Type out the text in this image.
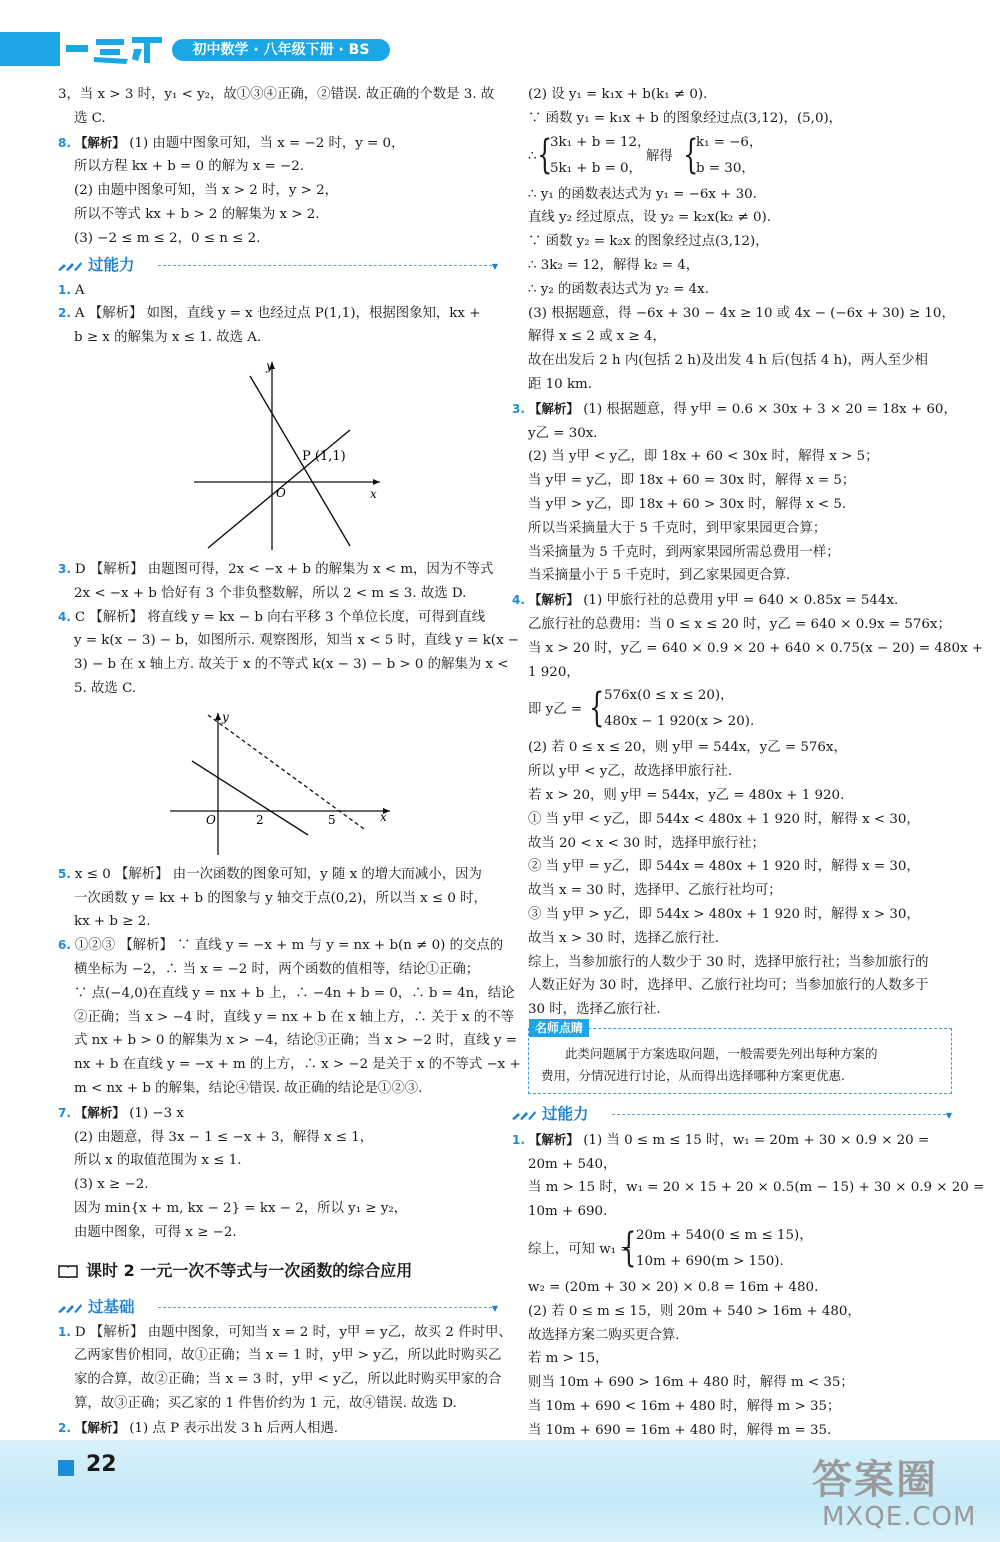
初中数学 · 八年级下册 · BS
3，当 x > 3 时，y₁ < y₂，故①③④正确，②错误. 故正确的个数是 3. 故
选 C.
8. 【解析】 (1) 由题中图象可知，当 x = −2 时，y = 0，
所以方程 kx + b = 0 的解为 x = −2.
(2) 由题中图象可知，当 x > 2 时，y > 2，
所以不等式 kx + b > 2 的解集为 x > 2.
(3) −2 ≤ m ≤ 2，0 ≤ n ≤ 2.
过能力	▼
1. A
2. A 【解析】 如图，直线 y = x 也经过点 P(1,1)，根据图象知，kx +
b ≥ x 的解集为 x ≤ 1. 故选 A.
y
x
O
P (1,1)
3. D 【解析】 由题图可得，2x < −x + b 的解集为 x < m，因为不等式
2x < −x + b 恰好有 3 个非负整数解，所以 2 < m ≤ 3. 故选 D.
4. C 【解析】 将直线 y = kx − b 向右平移 3 个单位长度，可得到直线
y = k(x − 3) − b，如图所示. 观察图形，知当 x < 5 时，直线 y = k(x −
3) − b 在 x 轴上方. 故关于 x 的不等式 k(x − 3) − b > 0 的解集为 x <
5. 故选 C.
y
x
O	2	5
5. x ≤ 0 【解析】 由一次函数的图象可知，y 随 x 的增大而减小，因为
一次函数 y = kx + b 的图象与 y 轴交于点(0,2)，所以当 x ≤ 0 时，
kx + b ≥ 2.
6. ①②③ 【解析】 ∵ 直线 y = −x + m 与 y = nx + b(n ≠ 0) 的交点的
横坐标为 −2，∴ 当 x = −2 时，两个函数的值相等，结论①正确；
∵ 点(−4,0)在直线 y = nx + b 上，∴ −4n + b = 0，∴ b = 4n，结论
②正确；当 x > −4 时，直线 y = nx + b 在 x 轴上方，∴ 关于 x 的不等
式 nx + b > 0 的解集为 x > −4，结论③正确；当 x > −2 时，直线 y =
nx + b 在直线 y = −x + m 的上方，∴ x > −2 是关于 x 的不等式 −x +
m < nx + b 的解集，结论④错误. 故正确的结论是①②③.
7. 【解析】 (1) −3 x
(2) 由题意，得 3x − 1 ≤ −x + 3，解得 x ≤ 1，
所以 x 的取值范围为 x ≤ 1.
(3) x ≥ −2.
因为 min{x + m, kx − 2} = kx − 2，所以 y₁ ≥ y₂，
由题中图象，可得 x ≥ −2.
课时 2 一元一次不等式与一次函数的综合应用
过基础	▼
1. D 【解析】 由题中图象，可知当 x = 2 时，y甲 = y乙，故买 2 件时甲、
乙两家售价相同，故①正确；当 x = 1 时，y甲 > y乙，所以此时购买乙
家的合算，故②正确；当 x = 3 时，y甲 < y乙，所以此时购买甲家的合
算，故③正确；买乙家的 1 件售价约为 1 元，故④错误. 故选 D.
2. 【解析】 (1) 点 P 表示出发 3 h 后两人相遇.
(2) 设 y₁ = k₁x + b(k₁ ≠ 0).
∵ 函数 y₁ = k₁x + b 的图象经过点(3,12)，(5,0)，
∴ {
3k₁ + b = 12，
5k₁ + b = 0，
解得 {
k₁ = −6，
b = 30，
∴ y₁ 的函数表达式为 y₁ = −6x + 30.
直线 y₂ 经过原点，设 y₂ = k₂x(k₂ ≠ 0).
∵ 函数 y₂ = k₂x 的图象经过点(3,12)，
∴ 3k₂ = 12，解得 k₂ = 4，
∴ y₂ 的函数表达式为 y₂ = 4x.
(3) 根据题意，得 −6x + 30 − 4x ≥ 10 或 4x − (−6x + 30) ≥ 10，
解得 x ≤ 2 或 x ≥ 4，
故在出发后 2 h 内(包括 2 h)及出发 4 h 后(包括 4 h)，两人至少相
距 10 km.
3. 【解析】 (1) 根据题意，得 y甲 = 0.6 × 30x + 3 × 20 = 18x + 60，
y乙 = 30x.
(2) 当 y甲 < y乙，即 18x + 60 < 30x 时，解得 x > 5；
当 y甲 = y乙，即 18x + 60 = 30x 时，解得 x = 5；
当 y甲 > y乙，即 18x + 60 > 30x 时，解得 x < 5.
所以当采摘量大于 5 千克时，到甲家果园更合算；
当采摘量为 5 千克时，到两家果园所需总费用一样；
当采摘量小于 5 千克时，到乙家果园更合算.
4. 【解析】 (1) 甲旅行社的总费用 y甲 = 640 × 0.85x = 544x.
乙旅行社的总费用：当 0 ≤ x ≤ 20 时，y乙 = 640 × 0.9x = 576x；
当 x > 20 时，y乙 = 640 × 0.9 × 20 + 640 × 0.75(x − 20) = 480x +
1 920，
即 y乙 = { 576x(0 ≤ x ≤ 20)，
480x − 1 920(x > 20).
(2) 若 0 ≤ x ≤ 20，则 y甲 = 544x，y乙 = 576x，
所以 y甲 < y乙，故选择甲旅行社.
若 x > 20，则 y甲 = 544x，y乙 = 480x + 1 920.
① 当 y甲 < y乙，即 544x < 480x + 1 920 时，解得 x < 30，
故当 20 < x < 30 时，选择甲旅行社；
② 当 y甲 = y乙，即 544x = 480x + 1 920 时，解得 x = 30，
故当 x = 30 时，选择甲、乙旅行社均可；
③ 当 y甲 > y乙，即 544x > 480x + 1 920 时，解得 x > 30，
故当 x > 30 时，选择乙旅行社.
综上，当参加旅行的人数少于 30 时，选择甲旅行社；当参加旅行的
人数正好为 30 时，选择甲、乙旅行社均可；当参加旅行的人数多于
30 时，选择乙旅行社.
名师点睛
此类问题属于方案选取问题，一般需要先列出每种方案的
费用，分情况进行讨论，从而得出选择哪种方案更优惠.
过能力	▼
1. 【解析】 (1) 当 0 ≤ m ≤ 15 时，w₁ = 20m + 30 × 0.9 × 20 =
20m + 540，
当 m > 15 时，w₁ = 20 × 15 + 20 × 0.5(m − 15) + 30 × 0.9 × 20 =
10m + 690.
综上，可知 w₁ =
{ 20m + 540(0 ≤ m ≤ 15)，
10m + 690(m > 150).
w₂ = (20m + 30 × 20) × 0.8 = 16m + 480.
(2) 若 0 ≤ m ≤ 15，则 20m + 540 > 16m + 480，
故选择方案二购买更合算.
若 m > 15，
则当 10m + 690 > 16m + 480 时，解得 m < 35；
当 10m + 690 < 16m + 480 时，解得 m > 35；
当 10m + 690 = 16m + 480 时，解得 m = 35.
22	答案圈
MXQE.COM
